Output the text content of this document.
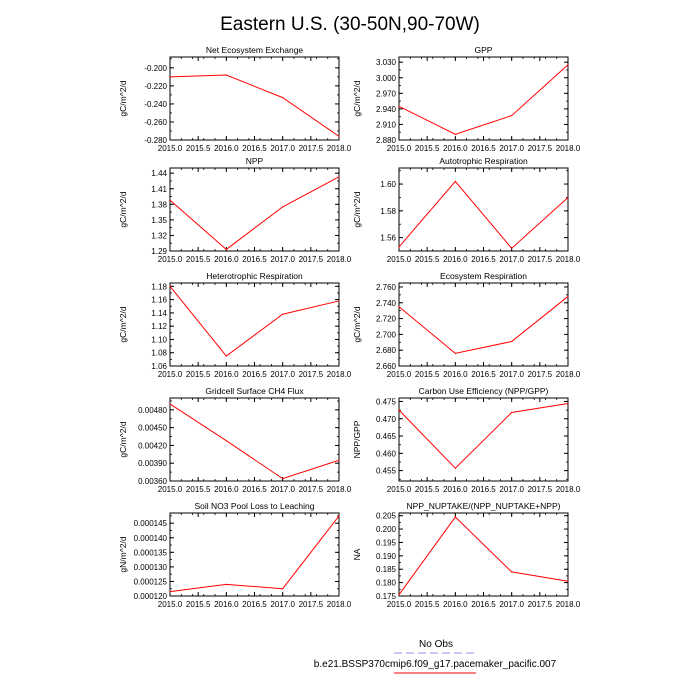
Eastern U.S. (30-50N,90-70W)
Net Ecosystem Exchange
2015.0 2015.5 2016.0 2016.5 2017.0 2017.5 2018.0
-0.280
-0.260
-0.240
-0.220
-0.200
gC/m^2/d
GPP
2015.0 2015.5 2016.0 2016.5 2017.0 2017.5 2018.0
2.880
2.910
2.940
2.970
3.000
3.030
gC/m^2/d
NPP
2015.0 2015.5 2016.0 2016.5 2017.0 2017.5 2018.0
1.29
1.32
1.35
1.38
1.41
1.44
gC/m^2/d
Autotrophic Respiration
2015.0 2015.5 2016.0 2016.5 2017.0 2017.5 2018.0
1.56
1.58
1.60
gC/m^2/d
Heterotrophic Respiration
2015.0 2015.5 2016.0 2016.5 2017.0 2017.5 2018.0
1.06
1.08
1.10
1.12
1.14
1.16
1.18
gC/m^2/d
Ecosystem Respiration
2015.0 2015.5 2016.0 2016.5 2017.0 2017.5 2018.0
2.660
2.680
2.700
2.720
2.740
2.760
gC/m^2/d
Gridcell Surface CH4 Flux
2015.0 2015.5 2016.0 2016.5 2017.0 2017.5 2018.0
0.00360
0.00390
0.00420
0.00450
0.00480
gC/m^2/d
Carbon Use Efficiency (NPP/GPP)
2015.0 2015.5 2016.0 2016.5 2017.0 2017.5 2018.0
0.455
0.460
0.465
0.470
0.475
NPP/GPP
Soil NO3 Pool Loss to Leaching
2015.0 2015.5 2016.0 2016.5 2017.0 2017.5 2018.0
0.000120
0.000125
0.000130
0.000135
0.000140
0.000145
gN/m^2/d
NPP_NUPTAKE/(NPP_NUPTAKE+NPP)
2015.0 2015.5 2016.0 2016.5 2017.0 2017.5 2018.0
0.175
0.180
0.185
0.190
0.195
0.200
0.205
NA
No Obs
b.e21.BSSP370cmip6.f09_g17.pacemaker_pacific.007
